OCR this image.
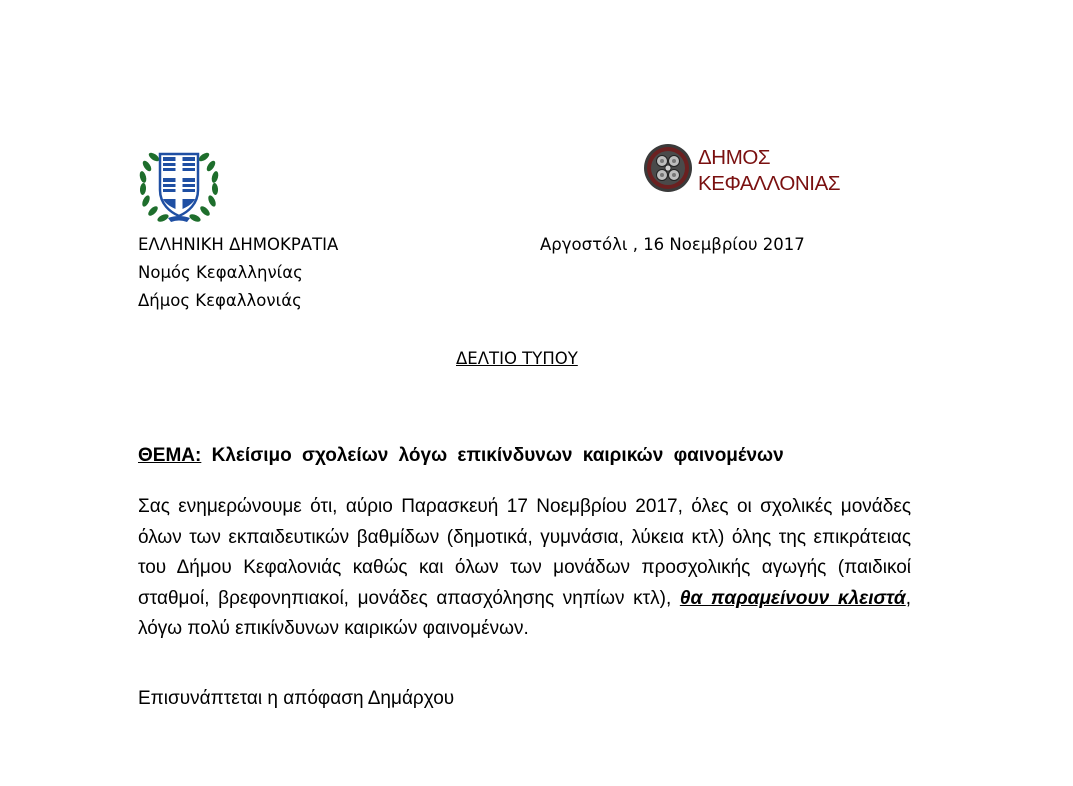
ΔΗΜΟΣ
ΚΕΦΑΛΛΟΝΙΑΣ
ΕΛΛΗΝΙΚΗ ΔΗΜΟΚΡΑΤΙΑ
Νομός Κεφαλληνίας
Δήμος Κεφαλλονιάς
Αργοστόλι , 16 Νοεμβρίου 2017
ΔΕΛΤΙΟ ΤΥΠΟΥ
ΘΕΜΑ: Κλείσιμο σχολείων λόγω επικίνδυνων καιρικών φαινομένων
Σας ενημερώνουμε ότι, αύριο Παρασκευή 17 Νοεμβρίου 2017, όλες οι σχολικές μονάδες όλων των εκπαιδευτικών βαθμίδων (δημοτικά, γυμνάσια, λύκεια κτλ) όλης της επικράτειας του Δήμου Κεφαλονιάς καθώς και όλων των μονάδων προσχολικής αγωγής (παιδικοί σταθμοί, βρεφονηπιακοί, μονάδες απασχόλησης νηπίων κτλ), θα παραμείνουν κλειστά, λόγω πολύ επικίνδυνων καιρικών φαινομένων.
Επισυνάπτεται η απόφαση Δημάρχου
